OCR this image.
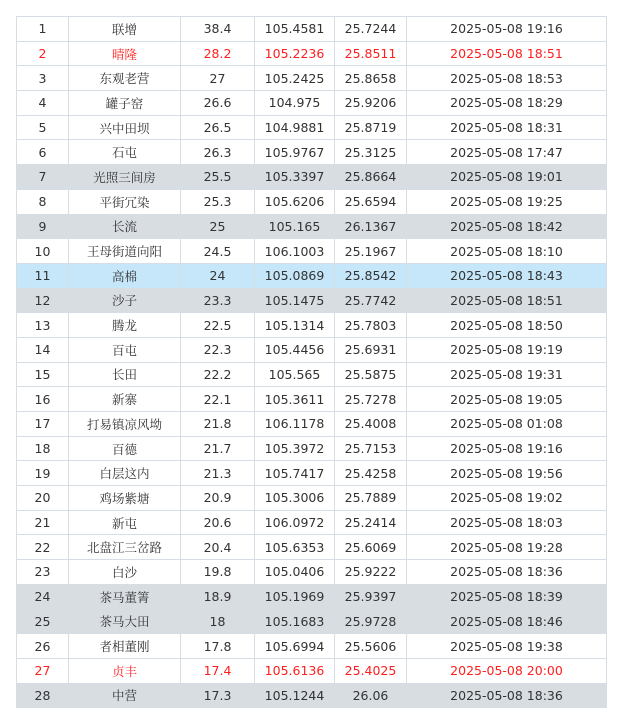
1	联增	38.4	105.4581	25.7244	2025-05-08 19:16
2	晴隆	28.2	105.2236	25.8511	2025-05-08 18:51
3	东观老营	27	105.2425	25.8658	2025-05-08 18:53
4	罐子窑	26.6	104.975	25.9206	2025-05-08 18:29
5	兴中田坝	26.5	104.9881	25.8719	2025-05-08 18:31
6	石屯	26.3	105.9767	25.3125	2025-05-08 17:47
7	光照三间房	25.5	105.3397	25.8664	2025-05-08 19:01
8	平街冗染	25.3	105.6206	25.6594	2025-05-08 19:25
9	长流	25	105.165	26.1367	2025-05-08 18:42
10	王母街道向阳	24.5	106.1003	25.1967	2025-05-08 18:10
11	高棉	24	105.0869	25.8542	2025-05-08 18:43
12	沙子	23.3	105.1475	25.7742	2025-05-08 18:51
13	腾龙	22.5	105.1314	25.7803	2025-05-08 18:50
14	百屯	22.3	105.4456	25.6931	2025-05-08 19:19
15	长田	22.2	105.565	25.5875	2025-05-08 19:31
16	新寨	22.1	105.3611	25.7278	2025-05-08 19:05
17	打易镇凉风坳	21.8	106.1178	25.4008	2025-05-08 01:08
18	百德	21.7	105.3972	25.7153	2025-05-08 19:16
19	白层这内	21.3	105.7417	25.4258	2025-05-08 19:56
20	鸡场紫塘	20.9	105.3006	25.7889	2025-05-08 19:02
21	新屯	20.6	106.0972	25.2414	2025-05-08 18:03
22	北盘江三岔路	20.4	105.6353	25.6069	2025-05-08 19:28
23	白沙	19.8	105.0406	25.9222	2025-05-08 18:36
24	茶马董箐	18.9	105.1969	25.9397	2025-05-08 18:39
25	茶马大田	18	105.1683	25.9728	2025-05-08 18:46
26	者相董刚	17.8	105.6994	25.5606	2025-05-08 19:38
27	贞丰	17.4	105.6136	25.4025	2025-05-08 20:00
28	中营	17.3	105.1244	26.06	2025-05-08 18:36
